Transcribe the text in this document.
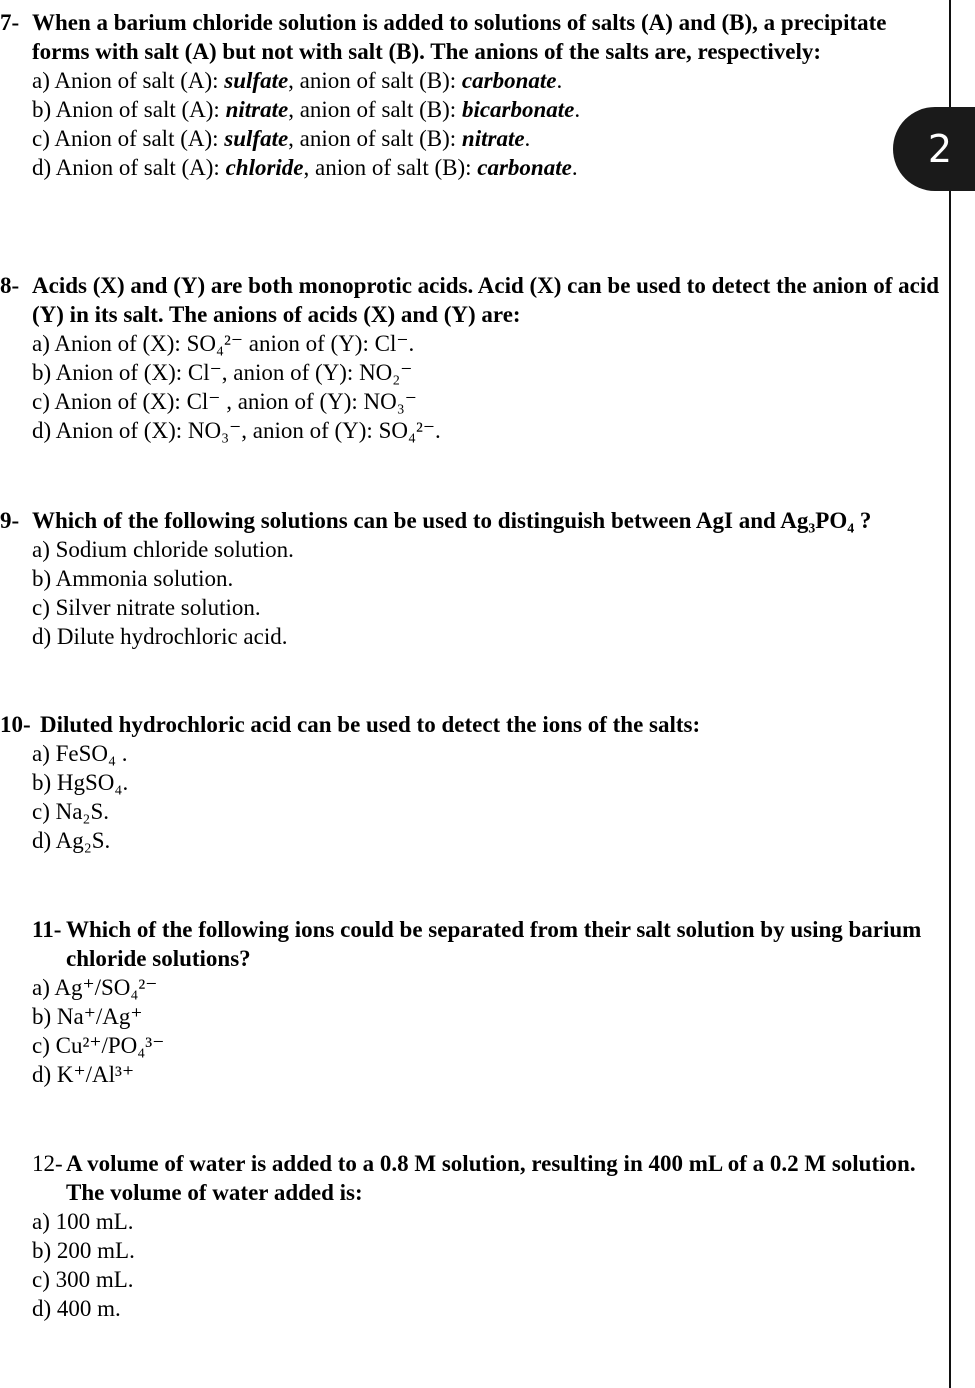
2
7- When a barium chloride solution is added to solutions of salts (A) and (B), a precipitate forms with salt (A) but not with salt (B). The anions of the salts are, respectively:
a) Anion of salt (A): sulfate, anion of salt (B): carbonate.
b) Anion of salt (A): nitrate, anion of salt (B): bicarbonate.
c) Anion of salt (A): sulfate, anion of salt (B): nitrate.
d) Anion of salt (A): chloride, anion of salt (B): carbonate.
8- Acids (X) and (Y) are both monoprotic acids. Acid (X) can be used to detect the anion of acid (Y) in its salt. The anions of acids (X) and (Y) are:
a) Anion of (X): SO₄²⁻ anion of (Y): Cl⁻.
b) Anion of (X): Cl⁻, anion of (Y): NO₂⁻
c) Anion of (X): Cl⁻ , anion of (Y): NO₃⁻
d) Anion of (X): NO₃⁻, anion of (Y): SO₄²⁻.
9- Which of the following solutions can be used to distinguish between AgI and Ag₃PO₄ ?
a) Sodium chloride solution.
b) Ammonia solution.
c) Silver nitrate solution.
d) Dilute hydrochloric acid.
10- Diluted hydrochloric acid can be used to detect the ions of the salts:
a) FeSO₄ .
b) HgSO₄.
c) Na₂S.
d) Ag₂S.
11- Which of the following ions could be separated from their salt solution by using barium chloride solutions?
a) Ag⁺/SO₄²⁻
b) Na⁺/Ag⁺
c) Cu²⁺/PO₄³⁻
d) K⁺/Al³⁺
12- A volume of water is added to a 0.8 M solution, resulting in 400 mL of a 0.2 M solution. The volume of water added is:
a) 100 mL.
b) 200 mL.
c) 300 mL.
d) 400 m.
